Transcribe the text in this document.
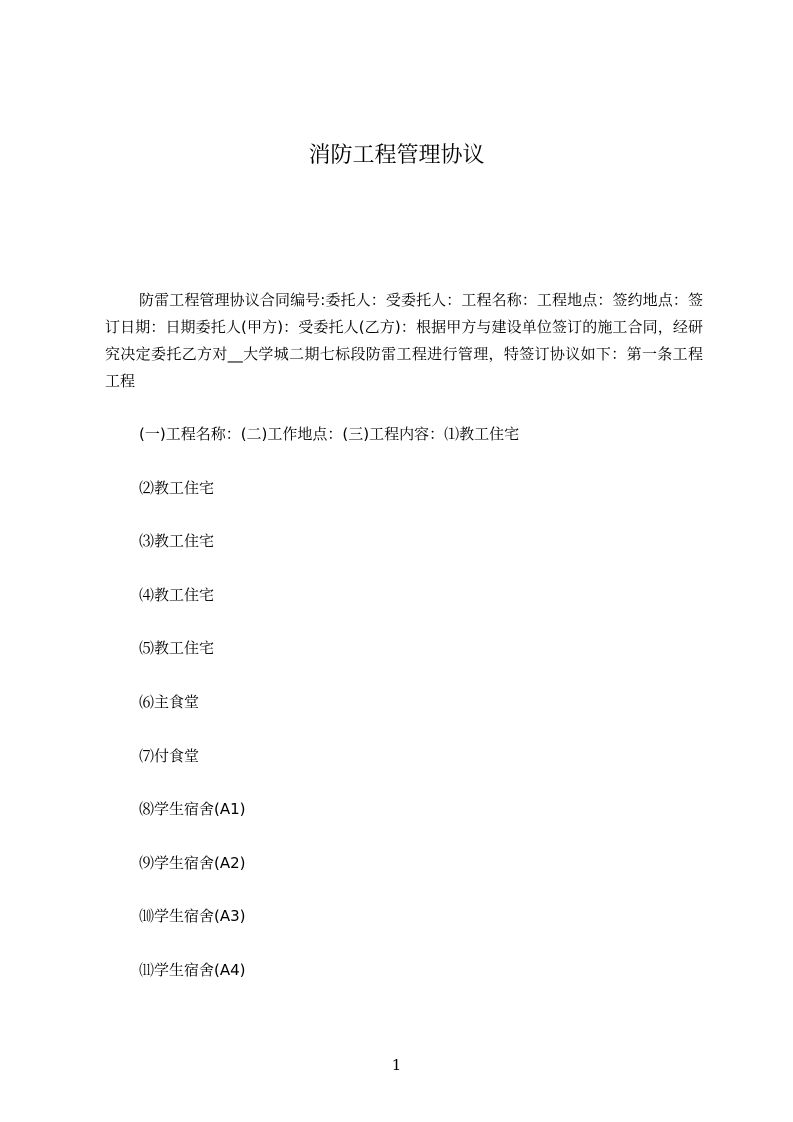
消防工程管理协议

防雷工程管理协议合同编号:委托人：受委托人：工程名称：工程地点：签约地点：签订日期：日期委托人(甲方)：受委托人(乙方)：根据甲方与建设单位签订的施工合同，经研究决定委托乙方对__大学城二期七标段防雷工程进行管理，特签订协议如下：第一条工程工程

(一)工程名称：(二)工作地点：(三)工程内容：⑴教工住宅
⑵教工住宅
⑶教工住宅
⑷教工住宅
⑸教工住宅
⑹主食堂
⑺付食堂
⑻学生宿舍(A1)
⑼学生宿舍(A2)
⑽学生宿舍(A3)
⑾学生宿舍(A4)
1
